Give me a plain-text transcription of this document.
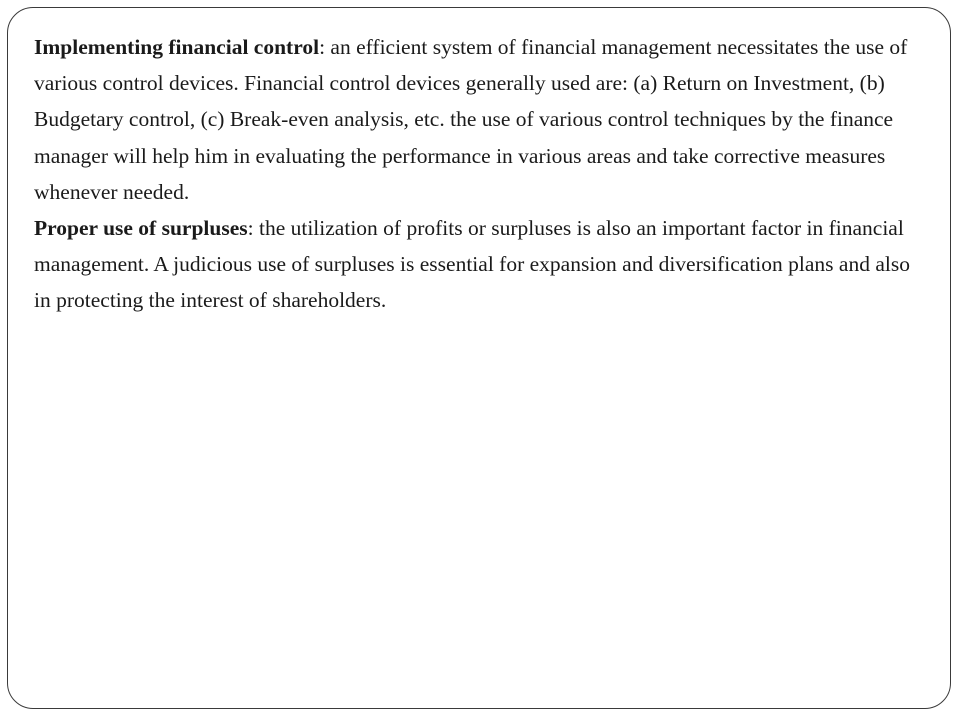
Implementing financial control: an efficient system of financial management necessitates the use of various control devices. Financial control devices generally used are: (a) Return on Investment, (b) Budgetary control, (c) Break-even analysis, etc. the use of various control techniques by the finance manager will help him in evaluating the performance in various areas and take corrective measures whenever needed.

Proper use of surpluses: the utilization of profits or surpluses is also an important factor in financial management. A judicious use of surpluses is essential for expansion and diversification plans and also in protecting the interest of shareholders.
